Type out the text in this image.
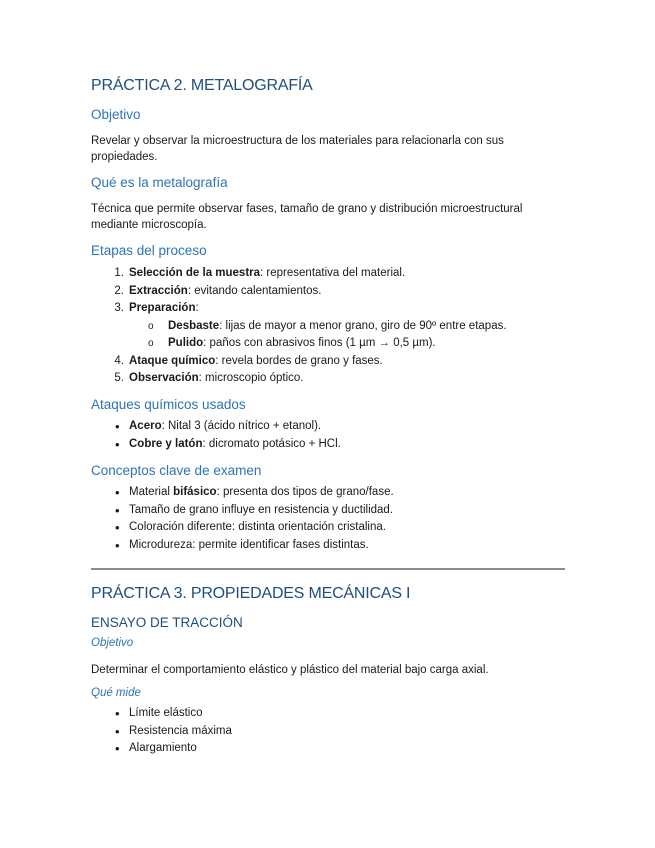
PRÁCTICA 2. METALOGRAFÍA
Objetivo
Revelar y observar la microestructura de los materiales para relacionarla con sus propiedades.
Qué es la metalografía
Técnica que permite observar fases, tamaño de grano y distribución microestructural mediante microscopía.
Etapas del proceso
1. Selección de la muestra: representativa del material.
2. Extracción: evitando calentamientos.
3. Preparación:
o Desbaste: lijas de mayor a menor grano, giro de 90º entre etapas.
o Pulido: paños con abrasivos finos (1 µm → 0,5 µm).
4. Ataque químico: revela bordes de grano y fases.
5. Observación: microscopio óptico.
Ataques químicos usados
• Acero: Nital 3 (ácido nítrico + etanol).
• Cobre y latón: dicromato potásico + HCl.
Conceptos clave de examen
• Material bifásico: presenta dos tipos de grano/fase.
• Tamaño de grano influye en resistencia y ductilidad.
• Coloración diferente: distinta orientación cristalina.
• Microdureza: permite identificar fases distintas.
PRÁCTICA 3. PROPIEDADES MECÁNICAS I
ENSAYO DE TRACCIÓN
Objetivo
Determinar el comportamiento elástico y plástico del material bajo carga axial.
Qué mide
• Límite elástico
• Resistencia máxima
• Alargamiento
